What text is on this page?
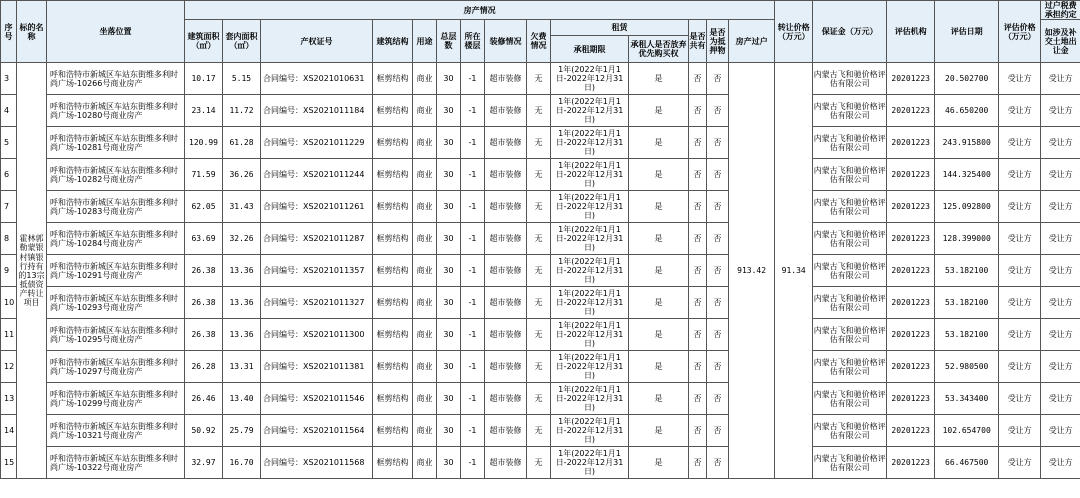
序号	标的名称	坐落位置	房产情况														转让价格（万元）	保证金（万元）	评估机构	评估日期	评估价格（万元）	过户税费承担约定
			建筑面积（㎡）	套内面积（㎡）	产权证号	建筑结构	用途	总层数	所在楼层	装修情况	欠费情况	租赁		是否共有	是否为抵押物	房产过户						如涉及补交土地出让金
												承租期限	承租人是否放弃优先购买权									
3	霍林郭勒蒙银村镇银行持有的13宗抵债资产转让项目	呼和浩特市新城区车站东街维多利时尚广场-10266号商业房产	10.17	5.15	合同编号：XS2021010631	框剪结构	商业	30	-1	超市装修	无	1年(2022年1月1日-2022年12月31日)	是	否	否	913.42	91.34	内蒙古飞和驰价格评估有限公司	20201223	20.502700	受让方	受让方
4		呼和浩特市新城区车站东街维多利时尚广场-10280号商业房产	23.14	11.72	合同编号：XS2021011184	框剪结构	商业	30	-1	超市装修	无	1年(2022年1月1日-2022年12月31日)	是	否	否			内蒙古飞和驰价格评估有限公司	20201223	46.650200	受让方	受让方
5		呼和浩特市新城区车站东街维多利时尚广场-10281号商业房产	120.99	61.28	合同编号：XS2021011229	框剪结构	商业	30	-1	超市装修	无	1年(2022年1月1日-2022年12月31日)	是	否	否			内蒙古飞和驰价格评估有限公司	20201223	243.915800	受让方	受让方
6		呼和浩特市新城区车站东街维多利时尚广场-10282号商业房产	71.59	36.26	合同编号：XS2021011244	框剪结构	商业	30	-1	超市装修	无	1年(2022年1月1日-2022年12月31日)	是	否	否			内蒙古飞和驰价格评估有限公司	20201223	144.325400	受让方	受让方
7		呼和浩特市新城区车站东街维多利时尚广场-10283号商业房产	62.05	31.43	合同编号：XS2021011261	框剪结构	商业	30	-1	超市装修	无	1年(2022年1月1日-2022年12月31日)	是	否	否			内蒙古飞和驰价格评估有限公司	20201223	125.092800	受让方	受让方
8		呼和浩特市新城区车站东街维多利时尚广场-10284号商业房产	63.69	32.26	合同编号：XS2021011287	框剪结构	商业	30	-1	超市装修	无	1年(2022年1月1日-2022年12月31日)	是	否	否			内蒙古飞和驰价格评估有限公司	20201223	128.399000	受让方	受让方
9		呼和浩特市新城区车站东街维多利时尚广场-10291号商业房产	26.38	13.36	合同编号：XS2021011357	框剪结构	商业	30	-1	超市装修	无	1年(2022年1月1日-2022年12月31日)	是	否	否			内蒙古飞和驰价格评估有限公司	20201223	53.182100	受让方	受让方
10		呼和浩特市新城区车站东街维多利时尚广场-10293号商业房产	26.38	13.36	合同编号：XS2021011327	框剪结构	商业	30	-1	超市装修	无	1年(2022年1月1日-2022年12月31日)	是	否	否			内蒙古飞和驰价格评估有限公司	20201223	53.182100	受让方	受让方
11		呼和浩特市新城区车站东街维多利时尚广场-10295号商业房产	26.38	13.36	合同编号：XS2021011300	框剪结构	商业	30	-1	超市装修	无	1年(2022年1月1日-2022年12月31日)	是	否	否			内蒙古飞和驰价格评估有限公司	20201223	53.182100	受让方	受让方
12		呼和浩特市新城区车站东街维多利时尚广场-10297号商业房产	26.28	13.31	合同编号：XS2021011381	框剪结构	商业	30	-1	超市装修	无	1年(2022年1月1日-2022年12月31日)	是	否	否			内蒙古飞和驰价格评估有限公司	20201223	52.980500	受让方	受让方
13		呼和浩特市新城区车站东街维多利时尚广场-10299号商业房产	26.46	13.40	合同编号：XS2021011546	框剪结构	商业	30	-1	超市装修	无	1年(2022年1月1日-2022年12月31日)	是	否	否			内蒙古飞和驰价格评估有限公司	20201223	53.343400	受让方	受让方
14		呼和浩特市新城区车站东街维多利时尚广场-10321号商业房产	50.92	25.79	合同编号：XS2021011564	框剪结构	商业	30	-1	超市装修	无	1年(2022年1月1日-2022年12月31日)	是	否	否			内蒙古飞和驰价格评估有限公司	20201223	102.654700	受让方	受让方
15		呼和浩特市新城区车站东街维多利时尚广场-10322号商业房产	32.97	16.70	合同编号：XS2021011568	框剪结构	商业	30	-1	超市装修	无	1年(2022年1月1日-2022年12月31日)	是	否	否			内蒙古飞和驰价格评估有限公司	20201223	66.467500	受让方	受让方
